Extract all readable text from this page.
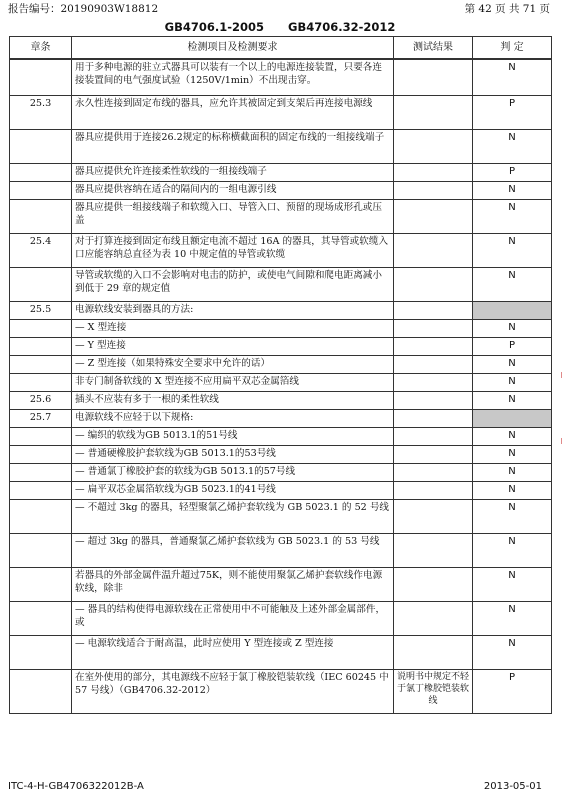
报告编号：20190903W18812	第 42 页 共 71 页
GB4706.1-2005      GB4706.32-2012
章条	检测项目及检测要求	测试结果	判 定
	用于多种电源的驻立式器具可以装有一个以上的电源连接装置，只要各连接装置间的电气强度试验（1250V/1min）不出现击穿。		N
25.3	永久性连接到固定布线的器具，应允许其被固定到支架后再连接电源线		P
	器具应提供用于连接26.2规定的标称横截面积的固定布线的一组接线端子		N
	器具应提供允许连接柔性软线的一组接线端子		P
	器具应提供容纳在适合的隔间内的一组电源引线		N
	器具应提供一组接线端子和软缆入口、导管入口、预留的现场成形孔或压盖		N
25.4	对于打算连接到固定布线且额定电流不超过 16A 的器具，其导管或软缆入口应能容纳总直径为表 10 中规定值的导管或软缆		N
	导管或软缆的入口不会影响对电击的防护，或使电气间隙和爬电距离减小到低于 29 章的规定值		N
25.5	电源软线安装到器具的方法:		
	— X 型连接		N
	— Y 型连接		P
	— Z 型连接（如果特殊安全要求中允许的话）		N
	非专门制备软线的 X 型连接不应用扁平双芯金属箔线		N
25.6	插头不应装有多于一根的柔性软线		N
25.7	电源软线不应轻于以下规格:		
	— 编织的软线为GB 5013.1的51号线		N
	— 普通硬橡胶护套软线为GB 5013.1的53号线		N
	— 普通氯丁橡胶护套的软线为GB 5013.1的57号线		N
	— 扁平双芯金属箔软线为GB 5023.1的41号线		N
	— 不超过 3kg 的器具，轻型聚氯乙烯护套软线为 GB 5023.1 的 52 号线		N
	— 超过 3kg 的器具，普通聚氯乙烯护套软线为 GB 5023.1 的 53 号线		N
	若器具的外部金属件温升超过75K，则不能使用聚氯乙烯护套软线作电源软线，除非		N
	— 器具的结构使得电源软线在正常使用中不可能触及上述外部金属部件，或		N
	— 电源软线适合于耐高温，此时应使用 Y 型连接或 Z 型连接		N
	在室外使用的部分，其电源线不应轻于氯丁橡胶铠装软线（IEC 60245 中 57 号线）（GB4706.32-2012）	说明书中规定不轻于氯丁橡胶铠装软线	P
ITC-4-H-GB4706322012B-A	2013-05-01
